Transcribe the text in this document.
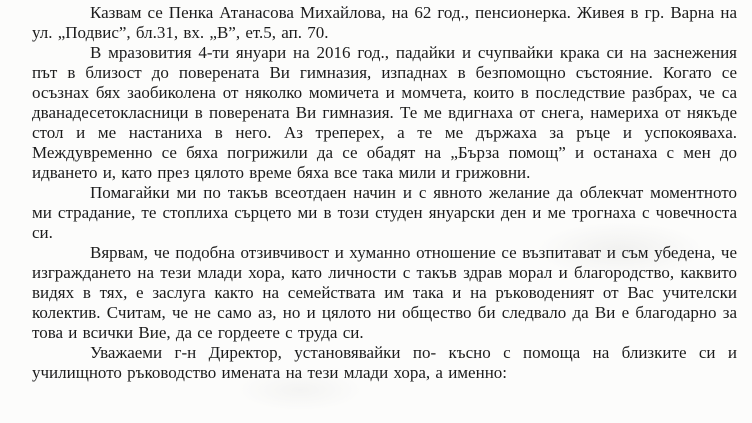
Казвам се Пенка Атанасова Михайлова, на 62 год., пенсионерка. Живея в гр. Варна на ул. „Подвис”, бл.31, вх. „В”, ет.5, ап. 70.

В мразовития 4-ти януари на 2016 год., падайки и счупвайки крака си на заснежения път в близост до поверената Ви гимназия, изпаднах в безпомощно състояние. Когато се осъзнах бях заобиколена от няколко момичета и момчета, които в последствие разбрах, че са дванадесетокласници в поверената Ви гимназия. Те ме вдигнаха от снега, намериха от някъде стол и ме настаниха в него. Аз треперех, а те ме държаха за ръце и успокояваха. Междувременно се бяха погрижили да се обадят на „Бърза помощ” и останаха с мен до идването и, като през цялото време бяха все така мили и грижовни.

Помагайки ми по такъв всеотдаен начин и с явното желание да облекчат моментното ми страдание, те стоплиха сърцето ми в този студен януарски ден и ме трогнаха с човечноста си.

Вярвам, че подобна отзивчивост и хуманно отношение се възпитават и съм убедена, че изграждането на тези млади хора, като личности с такъв здрав морал и благородство, каквито видях в тях, е заслуга както на семействата им така и на ръководеният от Вас учителски колектив. Считам, че не само аз, но и цялото ни общество би следвало да Ви е благодарно за това и всички Вие, да се гордеете с труда си.

Уважаеми г-н Директор, установявайки по- късно с помоща на близките си и училищното ръководство имената на тези млади хора, а именно:
